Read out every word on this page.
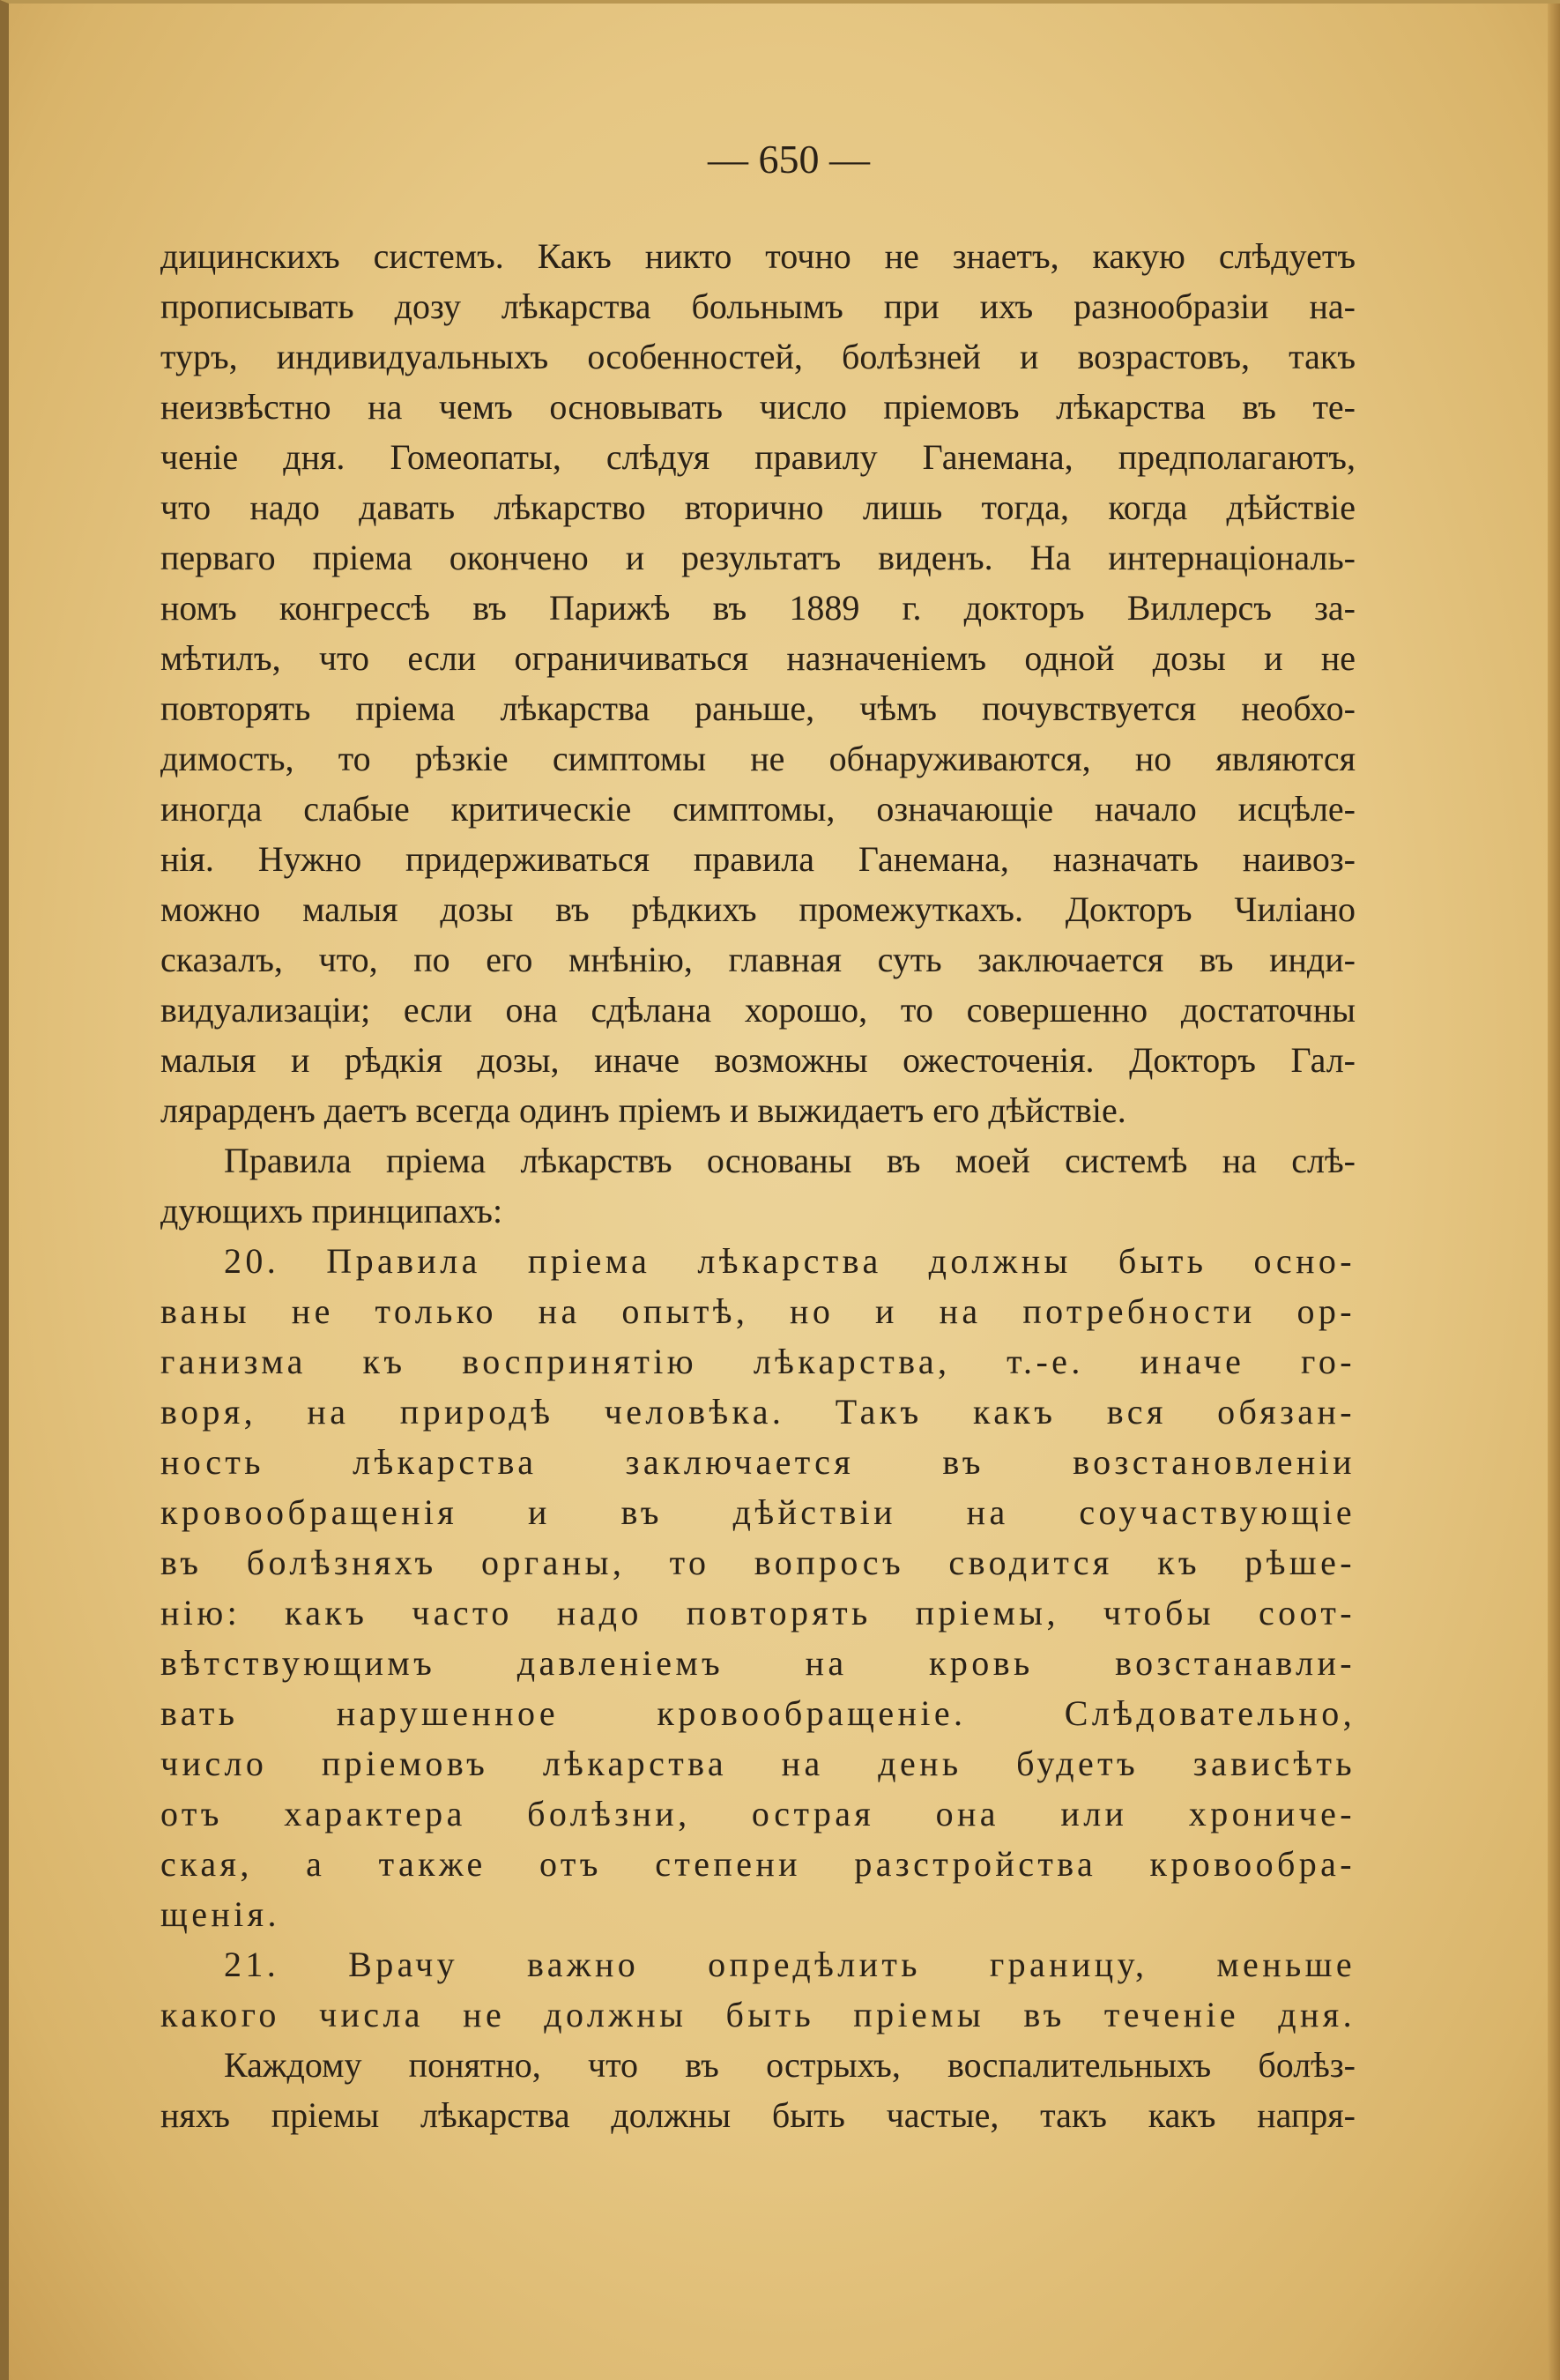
— 650 —
дицинскихъ системъ. Какъ никто точно не знаетъ, какую слѣдуетъ
прописывать дозу лѣкарства больнымъ при ихъ разнообразіи на-
туръ, индивидуальныхъ особенностей, болѣзней и возрастовъ, такъ
неизвѣстно на чемъ основывать число пріемовъ лѣкарства въ те-
ченіе дня. Гомеопаты, слѣдуя правилу Ганемана, предполагаютъ,
что надо давать лѣкарство вторично лишь тогда, когда дѣйствіе
перваго пріема окончено и результатъ виденъ. На интернаціональ-
номъ конгрессѣ въ Парижѣ въ 1889 г. докторъ Виллерсъ за-
мѣтилъ, что если ограничиваться назначеніемъ одной дозы и не
повторять пріема лѣкарства раньше, чѣмъ почувствуется необхо-
димость, то рѣзкіе симптомы не обнаруживаются, но являются
иногда слабые критическіе симптомы, означающіе начало исцѣле-
нія. Нужно придерживаться правила Ганемана, назначать наивоз-
можно малыя дозы въ рѣдкихъ промежуткахъ. Докторъ Чиліано
сказалъ, что, по его мнѣнію, главная суть заключается въ инди-
видуализаціи; если она сдѣлана хорошо, то совершенно достаточны
малыя и рѣдкія дозы, иначе возможны ожесточенія. Докторъ Гал-
лярарденъ даетъ всегда одинъ пріемъ и выжидаетъ его дѣйствіе.
Правила пріема лѣкарствъ основаны въ моей системѣ на слѣ-
дующихъ принципахъ:
20. Правила пріема лѣкарства должны быть осно-
ваны не только на опытѣ, но и на потребности ор-
ганизма къ воспринятію лѣкарства, т.-е. иначе го-
воря, на природѣ человѣка. Такъ какъ вся обязан-
ность лѣкарства заключается въ возстановленіи
кровообращенія и въ дѣйствіи на соучаствующіе
въ болѣзняхъ органы, то вопросъ сводится къ рѣше-
нію: какъ часто надо повторять пріемы, чтобы соот-
вѣтствующимъ давленіемъ на кровь возстанавли-
вать нарушенное кровообращеніе. Слѣдовательно,
число пріемовъ лѣкарства на день будетъ зависѣть
отъ характера болѣзни, острая она или хрониче-
ская, а также отъ степени разстройства кровообра-
щенія.
21. Врачу важно опредѣлить границу, меньше
какого числа не должны быть пріемы въ теченіе дня.
Каждому понятно, что въ острыхъ, воспалительныхъ болѣз-
няхъ пріемы лѣкарства должны быть частые, такъ какъ напря-
